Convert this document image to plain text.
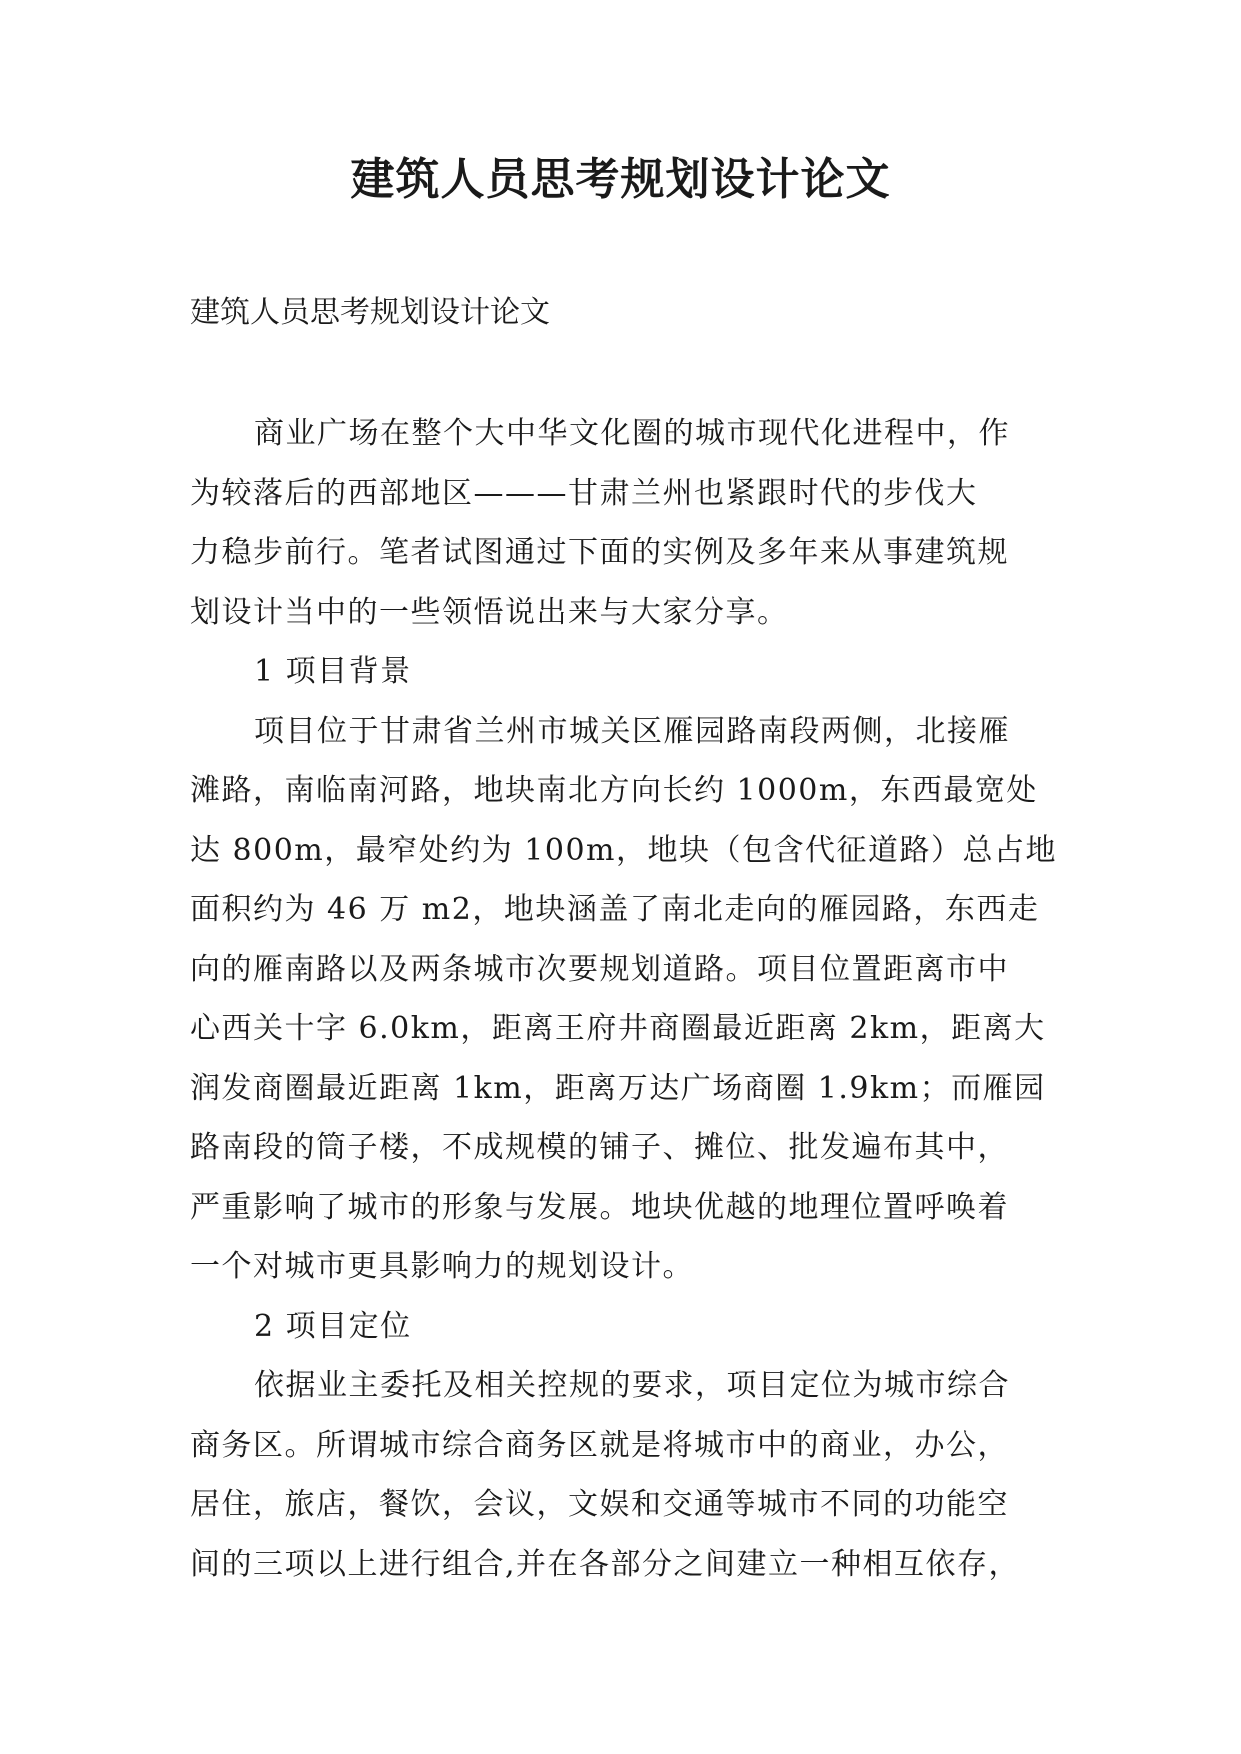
建筑人员思考规划设计论文

建筑人员思考规划设计论文

商业广场在整个大中华文化圈的城市现代化进程中，作
为较落后的西部地区———甘肃兰州也紧跟时代的步伐大
力稳步前行。笔者试图通过下面的实例及多年来从事建筑规
划设计当中的一些领悟说出来与大家分享。

1 项目背景

项目位于甘肃省兰州市城关区雁园路南段两侧，北接雁
滩路，南临南河路，地块南北方向长约 1000m，东西最宽处
达 800m，最窄处约为 100m，地块（包含代征道路）总占地
面积约为 46 万 m2，地块涵盖了南北走向的雁园路，东西走
向的雁南路以及两条城市次要规划道路。项目位置距离市中
心西关十字 6.0km，距离王府井商圈最近距离 2km，距离大
润发商圈最近距离 1km，距离万达广场商圈 1.9km；而雁园
路南段的筒子楼，不成规模的铺子、摊位、批发遍布其中，
严重影响了城市的形象与发展。地块优越的地理位置呼唤着
一个对城市更具影响力的规划设计。

2 项目定位

依据业主委托及相关控规的要求，项目定位为城市综合
商务区。所谓城市综合商务区就是将城市中的商业，办公，
居住，旅店，餐饮，会议，文娱和交通等城市不同的功能空
间的三项以上进行组合,并在各部分之间建立一种相互依存，
